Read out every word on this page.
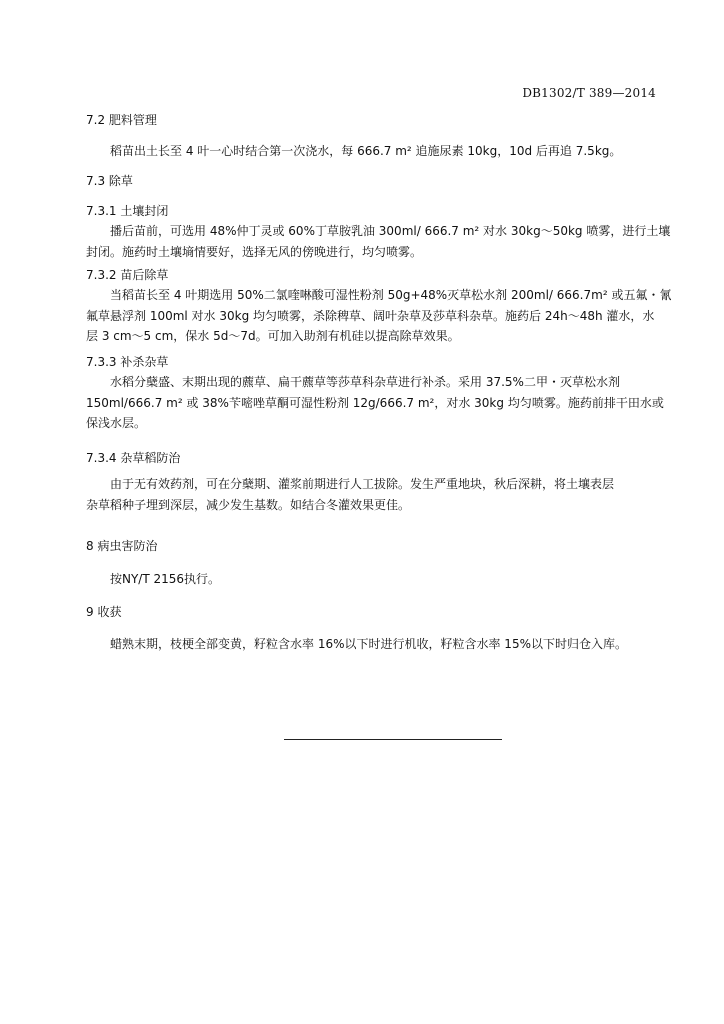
DB1302/T 389—2014
7.2 肥料管理
稻苗出土长至 4 叶一心时结合第一次浇水，每 666.7 m² 追施尿素 10kg，10d 后再追 7.5kg。
7.3 除草
7.3.1 土壤封闭
播后苗前，可选用 48%仲丁灵或 60%丁草胺乳油 300ml/ 666.7 m² 对水 30kg～50kg 喷雾，进行土壤
封闭。施药时土壤墒情要好，选择无风的傍晚进行，均匀喷雾。
7.3.2 苗后除草
当稻苗长至 4 叶期选用 50%二氯喹啉酸可湿性粉剂 50g+48%灭草松水剂 200ml/ 666.7m² 或五氟・氰
氟草悬浮剂 100ml 对水 30kg 均匀喷雾，杀除稗草、阔叶杂草及莎草科杂草。施药后 24h～48h 灌水，水
层 3 cm～5 cm，保水 5d～7d。可加入助剂有机硅以提高除草效果。
7.3.3 补杀杂草
水稻分蘖盛、末期出现的藨草、扁干藨草等莎草科杂草进行补杀。采用 37.5%二甲・灭草松水剂
150ml/666.7 m² 或 38%苄嘧唑草酮可湿性粉剂 12g/666.7 m²，对水 30kg 均匀喷雾。施药前排干田水或
保浅水层。
7.3.4 杂草稻防治
由于无有效药剂，可在分蘖期、灌浆前期进行人工拔除。发生严重地块，秋后深耕，将土壤表层
杂草稻种子埋到深层，减少发生基数。如结合冬灌效果更佳。
8 病虫害防治
按NY/T 2156执行。
9 收获
蜡熟末期，枝梗全部变黄，籽粒含水率 16%以下时进行机收，籽粒含水率 15%以下时归仓入库。
